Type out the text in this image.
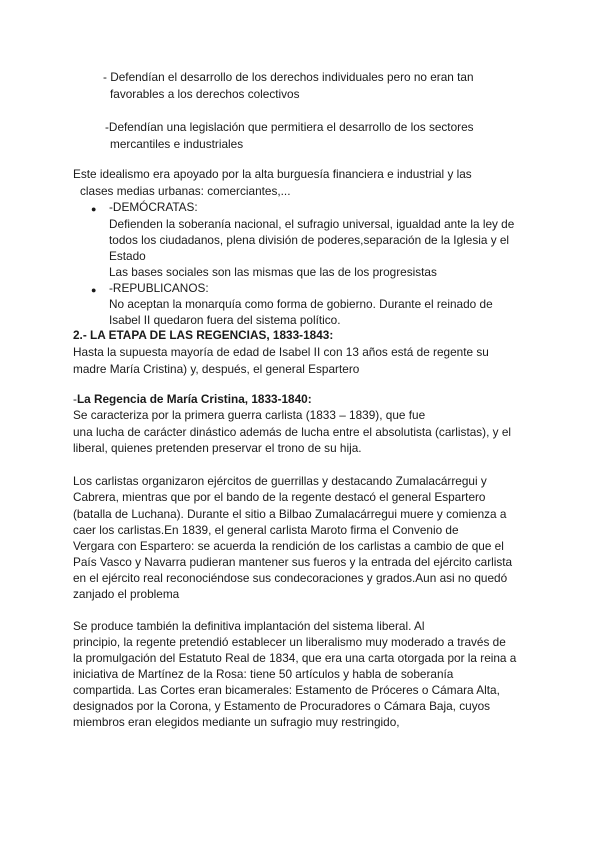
- Defendían el desarrollo de los derechos individuales pero no eran tan
favorables a los derechos colectivos
-Defendían una legislación que permitiera el desarrollo de los sectores
mercantiles e industriales
Este idealismo era apoyado por la alta burguesía financiera e industrial y las
clases medias urbanas: comerciantes,...
● -DEMÓCRATAS:
Defienden la soberanía nacional, el sufragio universal, igualdad ante la ley de
todos los ciudadanos, plena división de poderes,separación de la Iglesia y el
Estado
Las bases sociales son las mismas que las de los progresistas
● -REPUBLICANOS:
No aceptan la monarquía como forma de gobierno. Durante el reinado de
Isabel II quedaron fuera del sistema político.
2.- LA ETAPA DE LAS REGENCIAS, 1833-1843:
Hasta la supuesta mayoría de edad de Isabel II con 13 años está de regente su
madre María Cristina) y, después, el general Espartero
-La Regencia de María Cristina, 1833-1840:
Se caracteriza por la primera guerra carlista (1833 – 1839), que fue
una lucha de carácter dinástico además de lucha entre el absolutista (carlistas), y el
liberal, quienes pretenden preservar el trono de su hija.
Los carlistas organizaron ejércitos de guerrillas y destacando Zumalacárregui y
Cabrera, mientras que por el bando de la regente destacó el general Espartero
(batalla de Luchana). Durante el sitio a Bilbao Zumalacárregui muere y comienza a
caer los carlistas.En 1839, el general carlista Maroto firma el Convenio de
Vergara con Espartero: se acuerda la rendición de los carlistas a cambio de que el
País Vasco y Navarra pudieran mantener sus fueros y la entrada del ejército carlista
en el ejército real reconociéndose sus condecoraciones y grados.Aun asi no quedó
zanjado el problema
Se produce también la definitiva implantación del sistema liberal. Al
principio, la regente pretendió establecer un liberalismo muy moderado a través de
la promulgación del Estatuto Real de 1834, que era una carta otorgada por la reina a
iniciativa de Martínez de la Rosa: tiene 50 artículos y habla de soberanía
compartida. Las Cortes eran bicamerales: Estamento de Próceres o Cámara Alta,
designados por la Corona, y Estamento de Procuradores o Cámara Baja, cuyos
miembros eran elegidos mediante un sufragio muy restringido,
